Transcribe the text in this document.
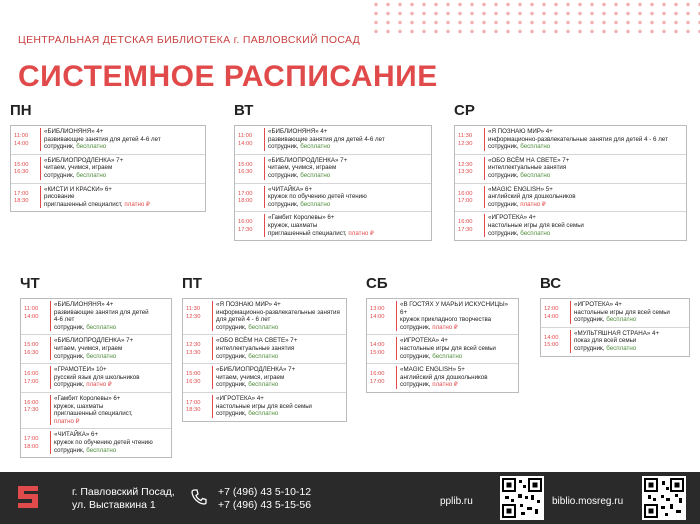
ЦЕНТРАЛЬНАЯ ДЕТСКАЯ БИБЛИОТЕКА г. ПАВЛОВСКИЙ ПОСАД
СИСТЕМНОЕ РАСПИСАНИЕ
ПН
11:00
14:00
«БИБЛИОНЯНЯ» 4+
развивающие занятия для детей 4-6 лет
сотрудник, бесплатно
15:00
16:30
«БИБЛИОПРОДЛЕНКА» 7+
читаем, учимся, играем
сотрудник, бесплатно
17:00
18:30
«КИСТИ И КРАСКИ» 6+
рисование
приглашенный специалист, платно ₽
ВТ
11:00
14:00
«БИБЛИОНЯНЯ» 4+
развивающие занятия для детей 4-6 лет
сотрудник, бесплатно
15:00
16:30
«БИБЛИОПРОДЛЕНКА» 7+
читаем, учимся, играем
сотрудник, бесплатно
17:00
18:00
«ЧИТАЙКА» 6+
кружок по обучению детей чтению
сотрудник, бесплатно
16:00
17:30
«Гамбит Королевы» 6+
кружок, шахматы
приглашенный специалист, платно ₽
СР
11:30
12:30
«Я ПОЗНАЮ МИР» 4+
информационно-развлекательные занятия для детей 4 - 6 лет
сотрудник, бесплатно
12:30
13:30
«ОБО ВСЁМ НА СВЕТЕ» 7+
интеллектуальные занятия
сотрудник, бесплатно
16:00
17:00
«MAGIC ENGLISH» 5+
английский для дошкольников
сотрудник, платно ₽
16:00
17:30
«ИГРОТЕКА» 4+
настольные игры для всей семьи
сотрудник, бесплатно
ЧТ
11:00
14:00
«БИБЛИОНЯНЯ» 4+
развивающие занятия для детей
4-6 лет
сотрудник, бесплатно
15:00
16:30
«БИБЛИОПРОДЛЕНКА» 7+
читаем, учимся, играем
сотрудник, бесплатно
16:00
17:00
«ГРАМОТЕИ» 10+
русский язык для школьников
сотрудник, платно ₽
16:00
17:30
«Гамбит Королевы» 6+
кружок, шахматы
приглашенный специалист,
платно ₽
17:00
18:00
«ЧИТАЙКА» 6+
кружок по обучению детей чтению
сотрудник, бесплатно
ПТ
11:30
12:30
«Я ПОЗНАЮ МИР» 4+
информационно-развлекательные занятия для детей 4 - 6 лет
сотрудник, бесплатно
12:30
13:30
«ОБО ВСЁМ НА СВЕТЕ» 7+
интеллектуальные занятия
сотрудник, бесплатно
15:00
16:30
«БИБЛИОПРОДЛЕНКА» 7+
читаем, учимся, играем
сотрудник, бесплатно
17:00
18:30
«ИГРОТЕКА» 4+
настольные игры для всей семьи
сотрудник, бесплатно
СБ
13:00
14:00
«В ГОСТЯХ У МАРЬИ ИСКУСНИЦЫ» 6+
кружок прикладного творчества
сотрудник, платно ₽
14:00
15:00
«ИГРОТЕКА» 4+
настольные игры для всей семьи
сотрудник, бесплатно
16:00
17:00
«MAGIC ENGLISH» 5+
английский для дошкольников
сотрудник, платно ₽
ВС
12:00
14:00
«ИГРОТЕКА» 4+
настольные игры для всей семьи
сотрудник, бесплатно
14:00
15:00
«МУЛЬТЯШНАЯ СТРАНА» 4+
показ для всей семьи
сотрудник, бесплатно
г. Павловский Посад,
ул. Выставкина 1
+7 (496) 43 5-10-12
+7 (496) 43 5-15-56	pplib.ru	biblio.mosreg.ru
